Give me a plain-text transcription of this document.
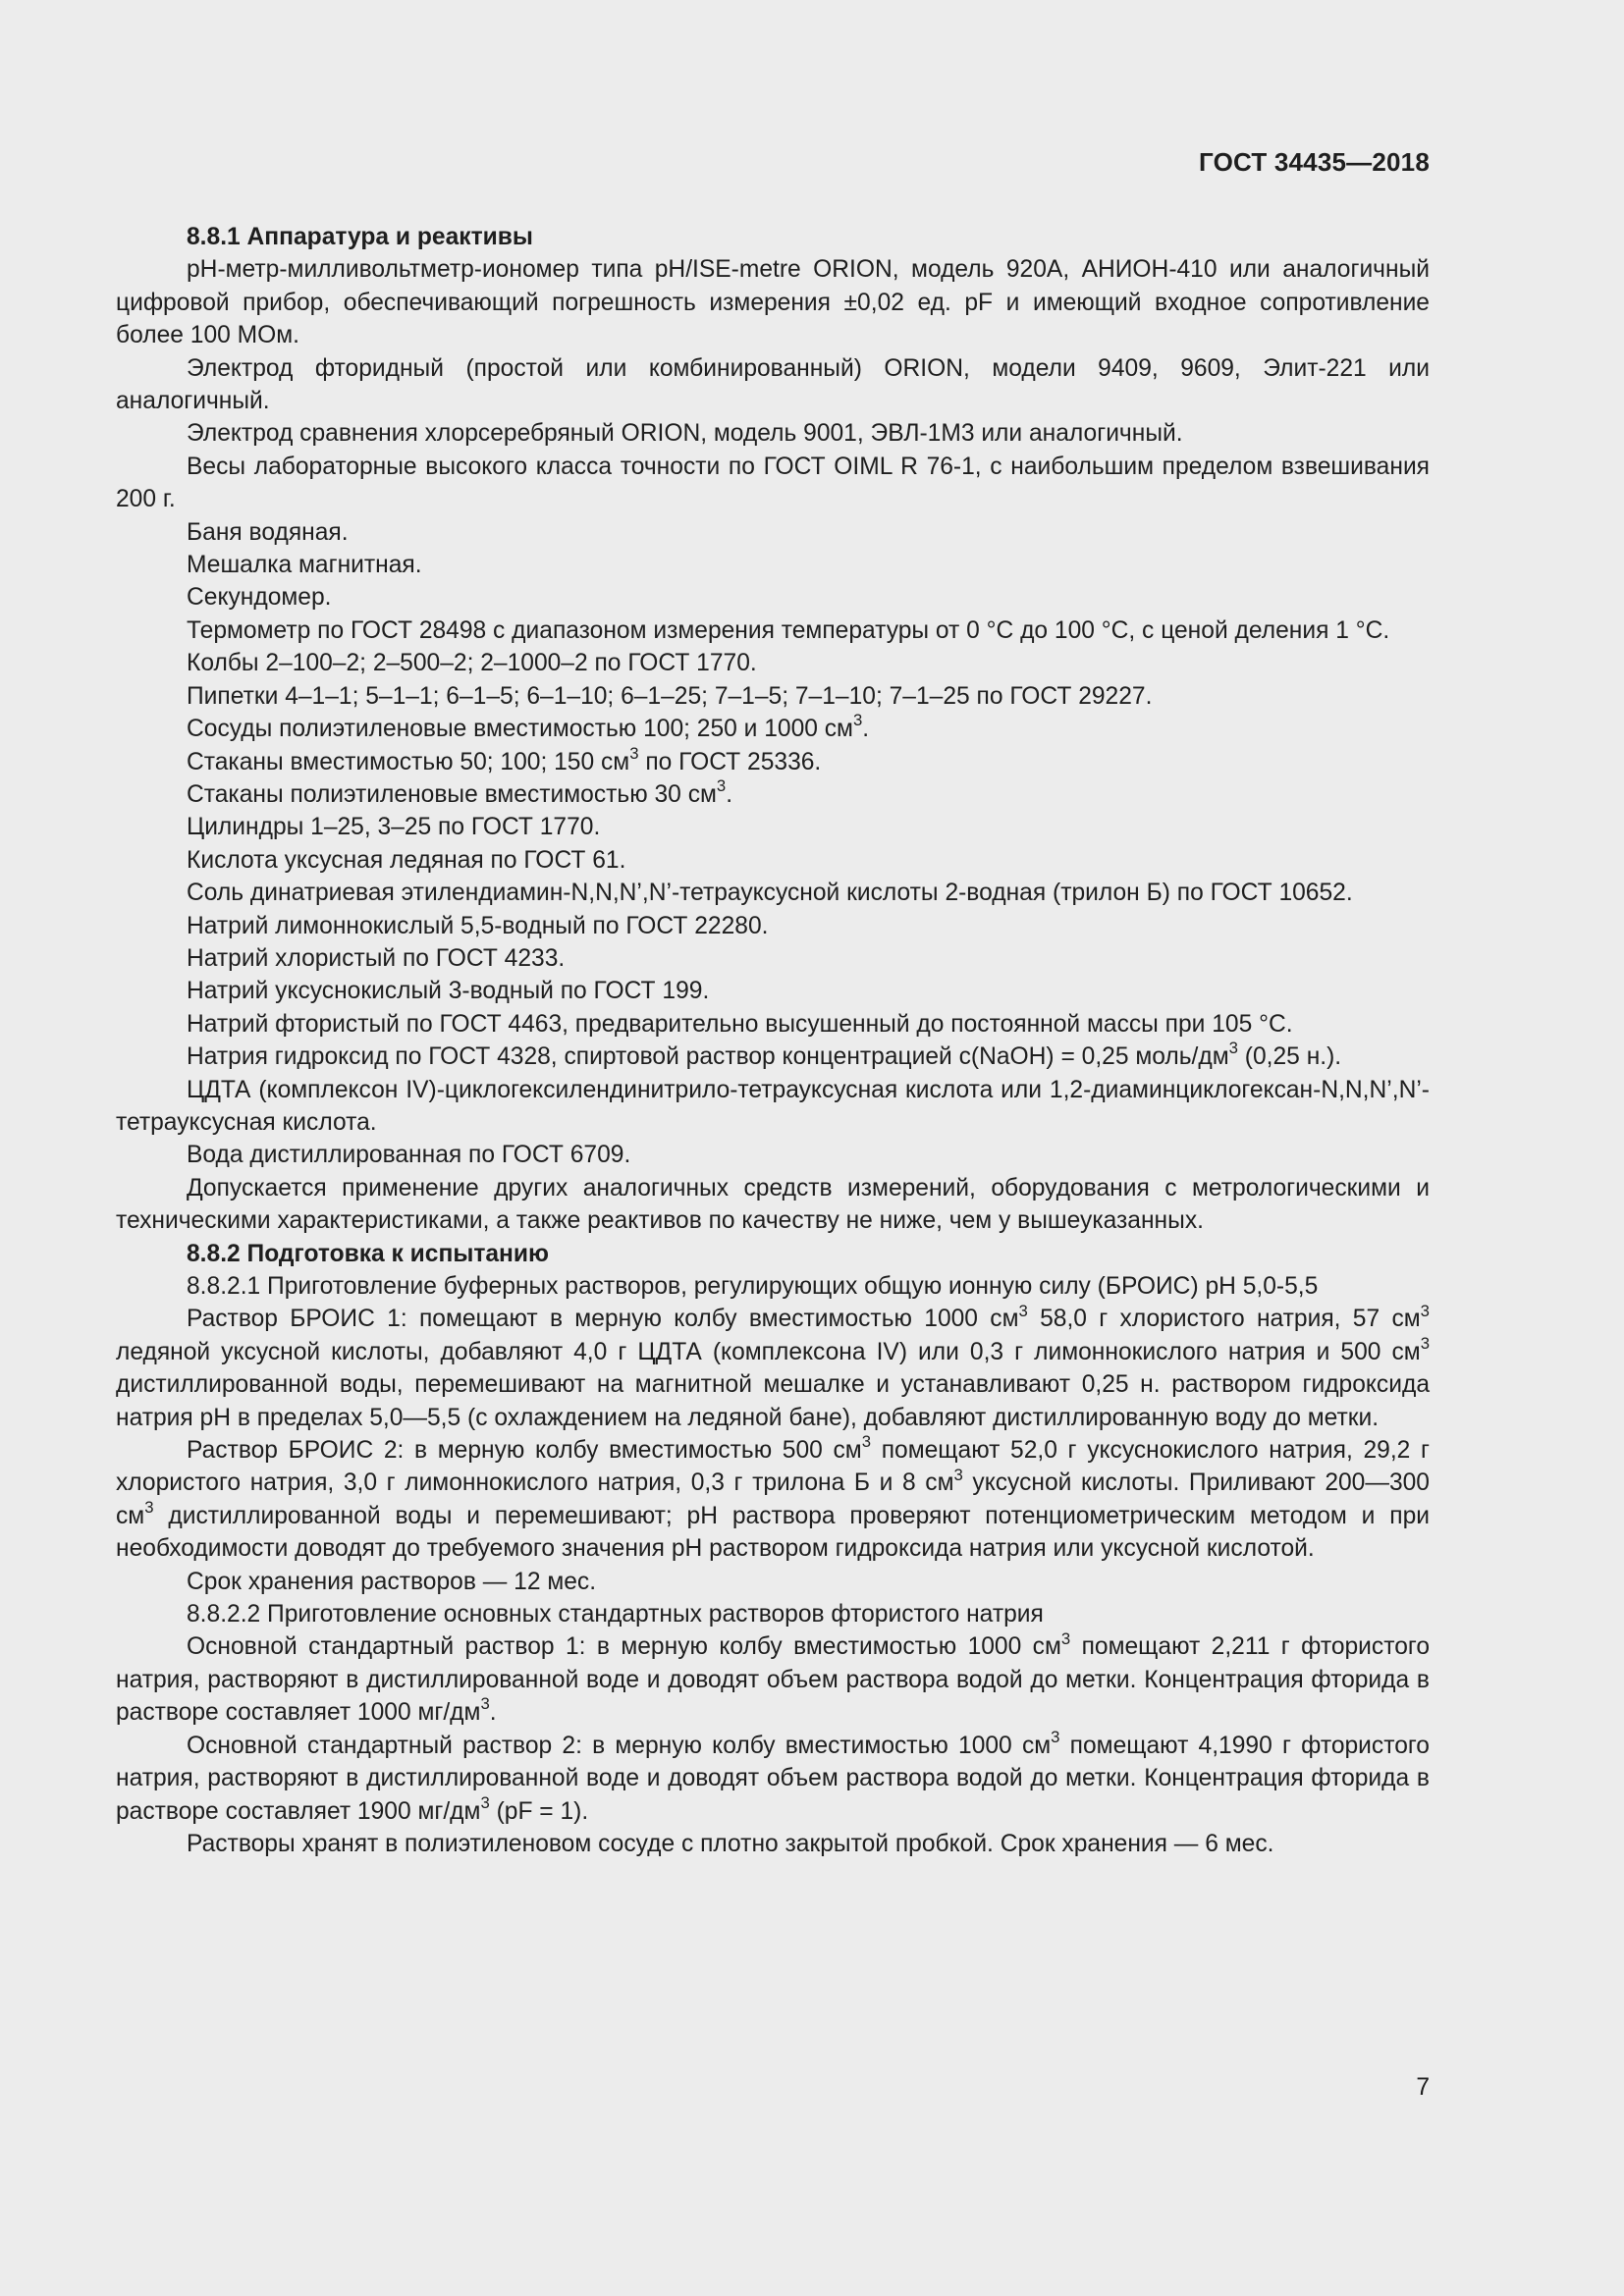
ГОСТ 34435—2018

8.8.1 Аппаратура и реактивы

pH-метр-милливольтметр-иономер типа pH/ISE-metre ORION, модель 920А, АНИОН-410 или аналогичный цифровой прибор, обеспечивающий погрешность измерения ±0,02 ед. pF и имеющий входное сопротивление более 100 МОм.

Электрод фторидный (простой или комбинированный) ORION, модели 9409, 9609, Элит-221 или аналогичный.

Электрод сравнения хлорсеребряный ORION, модель 9001, ЭВЛ-1М3 или аналогичный.

Весы лабораторные высокого класса точности по ГОСТ OIML R 76-1, с наибольшим пределом взвешивания 200 г.

Баня водяная.

Мешалка магнитная.

Секундомер.

Термометр по ГОСТ 28498 с диапазоном измерения температуры от 0 °C до 100 °C, с ценой деления 1 °C.

Колбы 2–100–2; 2–500–2; 2–1000–2 по ГОСТ 1770.

Пипетки 4–1–1; 5–1–1; 6–1–5; 6–1–10; 6–1–25; 7–1–5; 7–1–10; 7–1–25 по ГОСТ 29227.

Сосуды полиэтиленовые вместимостью 100; 250 и 1000 $см^3$.

Стаканы вместимостью 50; 100; 150 $см^3$ по ГОСТ 25336.

Стаканы полиэтиленовые вместимостью 30 $см^3$.

Цилиндры 1–25, 3–25 по ГОСТ 1770.

Кислота уксусная ледяная по ГОСТ 61.

Соль динатриевая этилендиамин-N,N,N’,N’-тетрауксусной кислоты 2-водная (трилон Б) по ГОСТ 10652.

Натрий лимоннокислый 5,5-водный по ГОСТ 22280.

Натрий хлористый по ГОСТ 4233.

Натрий уксуснокислый 3-водный по ГОСТ 199.

Натрий фтористый по ГОСТ 4463, предварительно высушенный до постоянной массы при 105 °C.

Натрия гидроксид по ГОСТ 4328, спиртовой раствор концентрацией c(NaOH) = 0,25 моль/$дм^3$ (0,25 н.).

ЦДТА (комплексон IV)-циклогексилендинитрило-тетрауксусная кислота или 1,2-диаминциклогексан-N,N,N’,N’-тетрауксусная кислота.

Вода дистиллированная по ГОСТ 6709.

Допускается применение других аналогичных средств измерений, оборудования с метрологическими и техническими характеристиками, а также реактивов по качеству не ниже, чем у вышеуказанных.

8.8.2 Подготовка к испытанию

8.8.2.1 Приготовление буферных растворов, регулирующих общую ионную силу (БРОИС) pH 5,0-5,5

Раствор БРОИС 1: помещают в мерную колбу вместимостью 1000 $см^3$ 58,0 г хлористого натрия, 57 $см^3$ ледяной уксусной кислоты, добавляют 4,0 г ЦДТА (комплексона IV) или 0,3 г лимоннокислого натрия и 500 $см^3$ дистиллированной воды, перемешивают на магнитной мешалке и устанавливают 0,25 н. раствором гидроксида натрия pH в пределах 5,0—5,5 (с охлаждением на ледяной бане), добавляют дистиллированную воду до метки.

Раствор БРОИС 2: в мерную колбу вместимостью 500 $см^3$ помещают 52,0 г уксуснокислого натрия, 29,2 г хлористого натрия, 3,0 г лимоннокислого натрия, 0,3 г трилона Б и 8 $см^3$ уксусной кислоты. Приливают 200—300 $см^3$ дистиллированной воды и перемешивают; pH раствора проверяют потенциометрическим методом и при необходимости доводят до требуемого значения pH раствором гидроксида натрия или уксусной кислотой.

Срок хранения растворов — 12 мес.

8.8.2.2 Приготовление основных стандартных растворов фтористого натрия

Основной стандартный раствор 1: в мерную колбу вместимостью 1000 $см^3$ помещают 2,211 г фтористого натрия, растворяют в дистиллированной воде и доводят объем раствора водой до метки. Концентрация фторида в растворе составляет 1000 $мг/дм^3$.

Основной стандартный раствор 2: в мерную колбу вместимостью 1000 $см^3$ помещают 4,1990 г фтористого натрия, растворяют в дистиллированной воде и доводят объем раствора водой до метки. Концентрация фторида в растворе составляет 1900 $мг/дм^3$ (pF = 1).

Растворы хранят в полиэтиленовом сосуде с плотно закрытой пробкой. Срок хранения — 6 мес.

7
